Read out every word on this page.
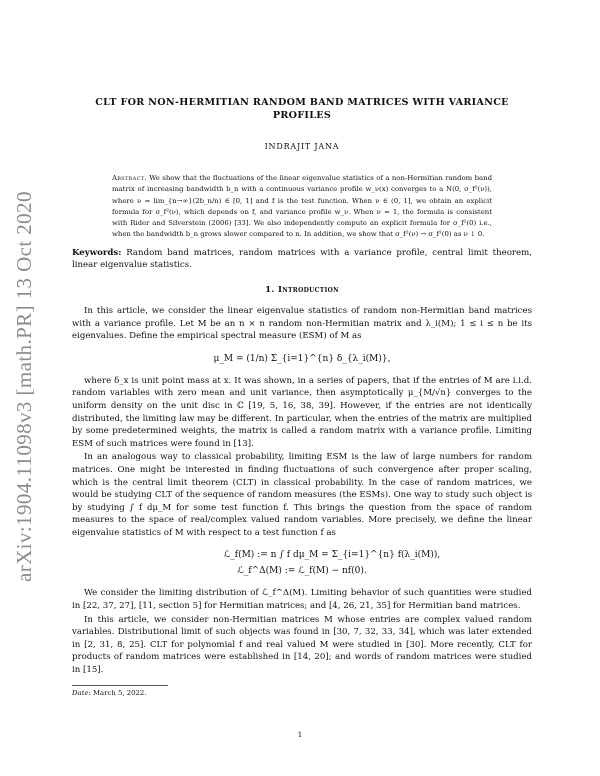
arXiv:1904.11098v3 [math.PR] 13 Oct 2020

CLT FOR NON-HERMITIAN RANDOM BAND MATRICES WITH VARIANCE
PROFILES

INDRAJIT JANA

Abstract. We show that the fluctuations of the linear eigenvalue statistics of a non-Hermitian random band matrix of increasing bandwidth b_n with a continuous variance profile w_ν(x) converges to a N(0, σ_f²(ν)), where ν = lim_{n→∞}(2b_n/n) ∈ [0, 1] and f is the test function. When ν ∈ (0, 1], we obtain an explicit formula for σ_f²(ν), which depends on f, and variance profile w_ν. When ν = 1, the formula is consistent with Rider and Silverstein (2006) [33]. We also independently compute an explicit formula for σ_f²(0) i.e., when the bandwidth b_n grows slower compared to n. In addition, we show that σ_f²(ν) → σ_f²(0) as ν ↓ 0.

Keywords: Random band matrices, random matrices with a variance profile, central limit theorem, linear eigenvalue statistics.

1. Introduction

In this article, we consider the linear eigenvalue statistics of random non-Hermitian band matrices with a variance profile. Let M be an n × n random non-Hermitian matrix and λ_i(M); 1 ≤ i ≤ n be its eigenvalues. Define the empirical spectral measure (ESM) of M as

μ_M = (1/n) Σ_{i=1}^{n} δ_{λ_i(M)},

where δ_x is unit point mass at x. It was shown, in a series of papers, that if the entries of M are i.i.d. random variables with zero mean and unit variance, then asymptotically μ_{M/√n} converges to the uniform density on the unit disc in ℂ [19, 5, 16, 38, 39]. However, if the entries are not identically distributed, the limiting law may be different. In particular, when the entries of the matrix are multiplied by some predetermined weights, the matrix is called a random matrix with a variance profile. Limiting ESM of such matrices were found in [13].

In an analogous way to classical probability, limiting ESM is the law of large numbers for random matrices. One might be interested in finding fluctuations of such convergence after proper scaling, which is the central limit theorem (CLT) in classical probability. In the case of random matrices, we would be studying CLT of the sequence of random measures (the ESMs). One way to study such object is by studying ∫ f dμ_M for some test function f. This brings the question from the space of random measures to the space of real/complex valued random variables. More precisely, we define the linear eigenvalue statistics of M with respect to a test function f as

ℒ_f(M) := n ∫ f dμ_M = Σ_{i=1}^{n} f(λ_i(M)),
ℒ_f^Δ(M) := ℒ_f(M) − nf(0).

We consider the limiting distribution of ℒ_f^Δ(M). Limiting behavior of such quantities were studied in [22, 37, 27], [11, section 5] for Hermitian matrices; and [4, 26, 21, 35] for Hermitian band matrices.

In this article, we consider non-Hermitian matrices M whose entries are complex valued random variables. Distributional limit of such objects was found in [30, 7, 32, 33, 34], which was later extended in [2, 31, 8, 25]. CLT for polynomial f and real valued M were studied in [30]. More recently, CLT for products of random matrices were established in [14, 20]; and words of random matrices were studied in [15].

Date: March 5, 2022.

1
